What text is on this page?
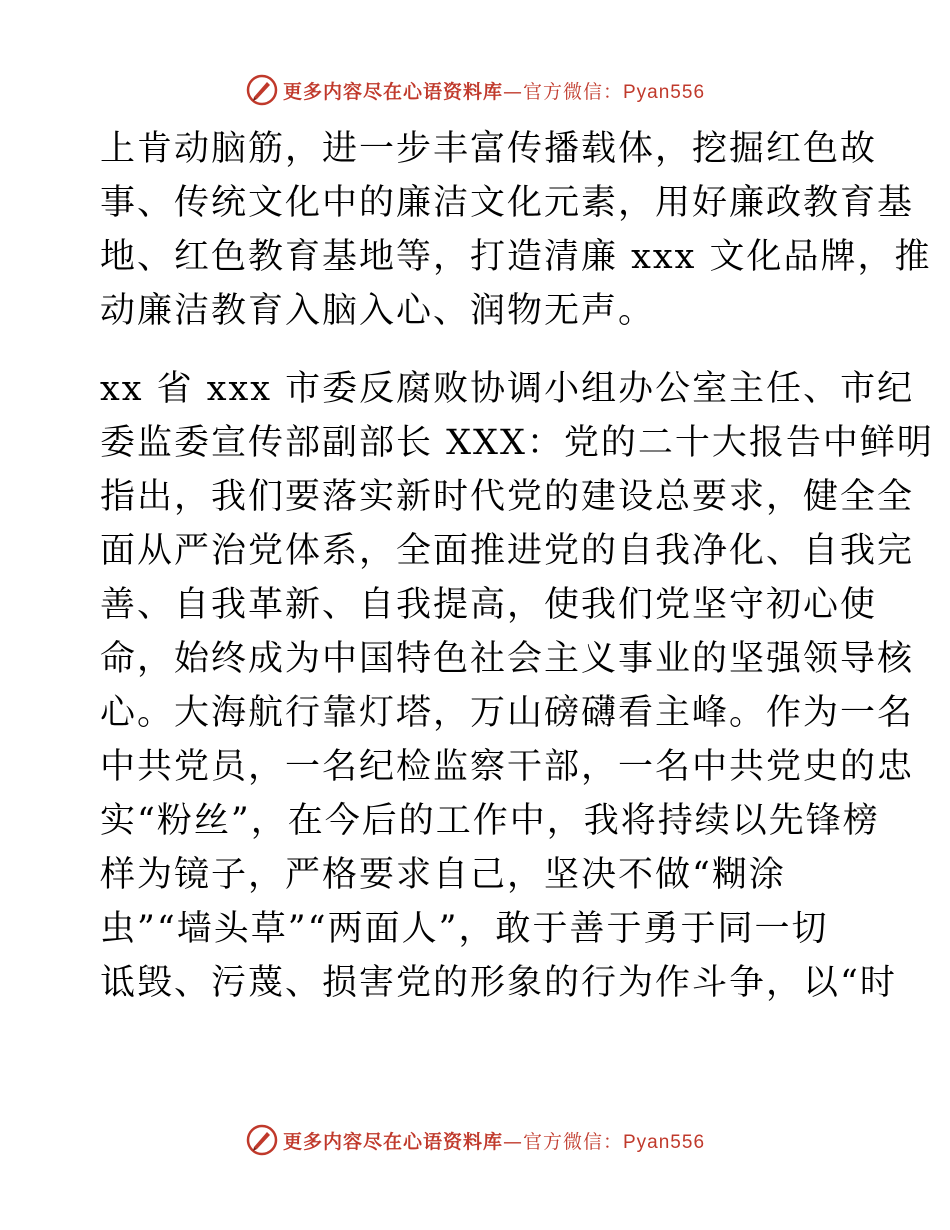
更多内容尽在心语资料库—官方微信：Pyan556
上肯动脑筋，进一步丰富传播载体，挖掘红色故
事、传统文化中的廉洁文化元素，用好廉政教育基
地、红色教育基地等，打造清廉 xxx 文化品牌，推
动廉洁教育入脑入心、润物无声。
xx 省 xxx 市委反腐败协调小组办公室主任、市纪
委监委宣传部副部长 XXX：党的二十大报告中鲜明
指出，我们要落实新时代党的建设总要求，健全全
面从严治党体系，全面推进党的自我净化、自我完
善、自我革新、自我提高，使我们党坚守初心使
命，始终成为中国特色社会主义事业的坚强领导核
心。大海航行靠灯塔，万山磅礴看主峰。作为一名
中共党员，一名纪检监察干部，一名中共党史的忠
实“粉丝”，在今后的工作中，我将持续以先锋榜
样为镜子，严格要求自己，坚决不做“糊涂
虫”“墙头草”“两面人”，敢于善于勇于同一切
诋毁、污蔑、损害党的形象的行为作斗争，以“时
更多内容尽在心语资料库—官方微信：Pyan556
